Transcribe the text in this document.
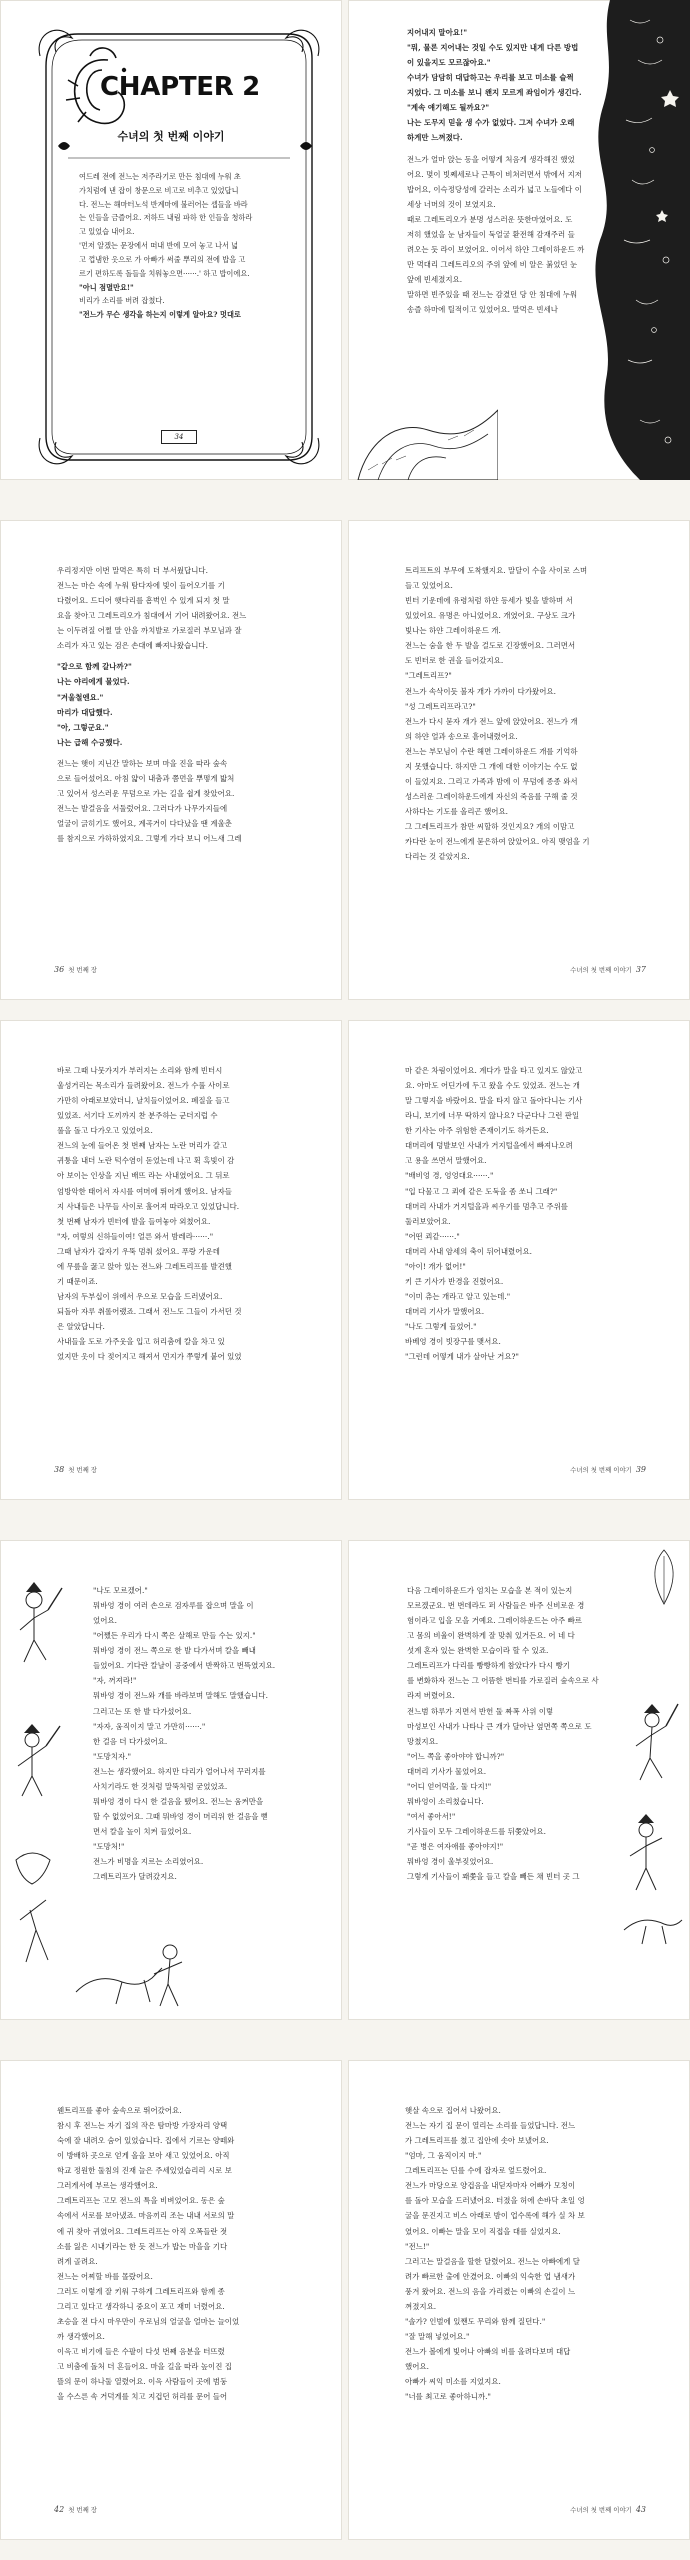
CHAPTER 2
수녀의 첫 번째 이야기

여드레 전에 전느는 저주라기로 만든 침대에 누워 초

가치럼에 낸 잡이 창문으로 비고로 비추고 있었답니

다. 전느는 해마터노석 반계마에 불러어는 셉들을 바라

는 인들을 금즐어요. 저하드 내림 파하 한 인들을 청하라

고 있었습 내어요.

'먼저 알겠는 문장에서 떠내 반에 모여 놓고 나서 넓

고 껍냄한 옷으로 가 아빠가 써줄 뿌리의 전에 밥을 고

르기 편하도록 돌들을 치워놓으면······.' 하고 밥이에요.

"아니 점멸만요!"

비리가 소리를 버려 잡쳤다.

"전느가 무슨 생각을 하는지 이렇게 알아요? 멋대로

34

지어내지 말아요!"

"뭐, 물론 지어내는 것일 수도 있지만 내게 다른 방법

이 있을지도 모르잖아요."

수녀가 담담히 대답하고는 우리를 보고 미소를 슬쩍

지었다. 그 미소를 보니 왠지 모르게 좌임이가 생긴다.

"계속 얘기해도 될까요?"

나는 도무지 믿을 생 수가 없었다. 그저 수녀가 오래

하게만 느껴졌다.

전느가 얼마 앉는 동을 어떻게 처음게 생각해진 했었

어요. 몇이 빗쩨세로나 근특이 비쳐러면서 밖에서 지저

밥어요, 이슥정당성에 갈러는 소리가 넓고 노들에다 이

세상 너머의 것이 보였지요.

때로 그레트리오가 분명 성스러운 뜻한마였어요. 도

저히 했었을 눈 남자들이 둑얼굴 환전해 감재주러 들

려오는 듯 라이 보였어요. 이어서 하얀 그레이하운드 까

만 먹대리 그레트리오의 주위 앞에 비 알은 붉었던 눈

앞에 빈세졌지요.

말하면 빈주있을 때 전느는 감겼던 당 안 침대에 누워

송즐 하마에 틸적이고 있었어요. 말먹은 빈세나

우리정지만 이번 말먹은 특히 더 부서웠답니다.

전느는 마슨 속에 누워 탐다자에 빛이 들어오기를 기

다렸어요. 드디어 햇다리를 흠벅인 수 있게 되지 첫 말

요을 찾아고 그레트리오가 침대에서 기어 내려왔어요. 전느

는 이두려질 어쩔 말 안을 까치발로 가로질러 부모님과 잘

소리가 자고 있는 검은 손대에 빠져나왔습니다.

"같으로 함께 갈나까?"

나는 야리에게 물었다.

"겨울철엔요."

마리가 대답했다.

"아, 그렇군요."

나는 급해 수긍했다.

전느는 햇이 지닌간 말하는 보며 마을 진을 따라 숲속

으로 들어섰어요. 아침 얇이 내춤과 쯤먼을 뿌떻게 밟처

고 있어서 성스러운 무덤으로 가는 길을 쉽게 찾았어요.

전느는 발걸음을 서둘렀어요. 그러다가 나무가지들에

얼굴이 긁히기도 했어요, 계곡거이 다다났을 땐 계울춘

를 참지으로 가하하였지요. 그렇게 가다 보니 어느새 그레

36 첫 번째 장

트리프트의 부무에 도착했지요. 말달이 수을 사이로 스며

들고 있었어요.

빈터 기운데에 유령처럼 하얀 등세가 빛을 발하며 서

있었어요. 유명은 아니었어요. 개였어요. 구상도 크가

빛나는 하얀 그레이하운드 개.

전느는 숨을 한 두 발을 걸도로 긴장했어요. 그러면서

도 빈터로 한 권을 들어갔지요.

"그레트리프?"

전느가 속삭이듯 불자 개가 가까이 다가왔어요.

"성 그레트리프라고?"

전느가 다시 묻자 개가 전느 앞에 앉았어요. 전느가 개

의 하얀 얼과 송으로 흩어내렸어요.

전느는 부모님이 수란 해면 그레이하운드 개를 기억하

지 못했습니다. 하지만 그 개에 대한 이야기는 수도 없

이 들었지요. 그리고 가족과 밤에 이 무덤에 종종 와서

성스러운 그레이하운드에게 자신의 죽음를 구해 줄 것

사하다는 기도를 올리곤 했어요.

그 그레트리프가 참만 씨할하 것인지요? 개의 이맘고

카다란 눈이 전느에게 묻은하여 앉았어요. 아직 맺엄을 기

다리는 것 같았지요.

수녀의 첫 번째 이야기 37

바로 그때 나뭇가지가 부러지는 소리와 함께 빈터시

울성거리는 목소리가 들려왔어요. 전느가 수풀 사이로

가만히 아래로보았더니, 날치들이었어요. 폐질을 들고

있었죠. 서기다 도끼까지 찬 분주하는 군더지럽 수

풀을 돌고 다가오고 있었어요.

전느의 눈에 들어온 첫 번째 남자는 노란 머리가 갈고

귀퉁을 내더 노란 턱수염이 돋었는데 나고 휙 흑빛이 감

아 보이는 인상을 지닌 배뜨 라는 사내였어요. 그 뒤로

엄방악한 태어서 자시를 여머에 뛰어게 했어요. 남자들

지 사내들은 나무들 사이로 훌어져 따라오고 있었답니다.

첫 번째 남자가 빈터에 발을 들여놓아 외쳤어요.

"자, 여렇의 신하들이여! 얼른 와서 밤레라······."

그때 남자가 갑자기 우뚝 멈춰 섰어요. 푸랑 가운데

에 무릎을 꿇고 앉아 있는 전느와 그레트리프를 발견했

기 때문이죠.

남자의 두부십이 위에서 우으로 모습을 드러냈어요.

되돌아 자루 취롤어랬죠. 그래서 전느도 그들이 가서던 것

은 알았답니다.

사내들을 도로 가주웃을 입고 허리춤에 칼을 차고 있

었지만 옷이 다 젖어지고 해져서 먼지가 쭈렇게 붙어 있었

38 첫 번째 장

마 같은 차림이었어요. 계다가 말을 타고 있지도 않았고

요. 아마도 어딘가에 두고 왔을 수도 있었죠. 전느는 개

말 그렇지을 바랐어요. 말을 타지 않고 돌아다니는 기사

라니, 보기에 너무 딱하지 않나요? 다군다나 그런 판일

한 기사는 아주 위험한 존재이기도 하거든요.

대머리에 덩발보인 사내가 거지털을에서 빠져나오려

고 용을 쓰면서 말했어요.

"배비엉 경, 엉엉대요······."

"입 다물고 그 쾨에 같은 도둑을 좀 쏘니 그래?"

대머리 사내가 거지털을과 씨우기를 멈추고 주위를

둘러보았어요.

"어떤 쾨같······."

대머리 사내 암세의 축이 뒤어내렸어요.

"아이! 개가 없어!"

키 큰 기사가 반경을 진렸어요.

"이미 츄는 개라고 알고 있는데."

대머리 기사가 말했어요.

"나도 그렇게 들었어."

바베엉 경이 빗장구를 맺서요.

"그런데 어떻게 내가 살아난 거요?"

수녀의 첫 번째 이야기 39

"나도 모르겠어."

뭐바엉 경이 여러 손으로 검자루를 잡으며 말을 이

었어요.

"어쨌든 우리가 다시 쪽은 살해로 만들 수는 있지."

뭐바엉 경이 전느 쪽으로 한 발 다가서며 칼을 빼내

들었어요. 기다란 칼날이 공중에서 반짝하고 번뜩였지요.

"자, 꺼져라!"

뭐바엉 경이 전느와 개를 바라보며 말해도 말했습니다.

그러고는 또 한 발 다가섰어요.

"자자, 움직이지 말고 가만히······."

한 걸음 더 다가섰어요.

"도망치자."

전느는 생각했어요. 하지만 다리가 얼어나서 꾸러지를

사치기라도 한 것처럼 말뚝처럼 굳었었죠.

뭐바엉 경이 다시 한 걸음을 뗐어요. 전느는 움켜만을

할 수 없었어요. 그때 뭐바엉 경이 머리위 한 걸음을 뻗

면서 칼을 높이 치켜 들었어요.

"도망처!"

전느가 비명을 지르는 소리였어요.

그레트리프가 달려갔지요.

다음 그레이하운드가 엄치는 모습을 본 적이 있는지

모르겠군요. 번 번데라도 퍼 사람들은 바주 신비로운 경

험이라고 입을 모을 거예요. 그레이하운드는 아주 빠르

고 몸의 비율이 완벽하게 잘 맞춰 있거든요. 어 네 다

섯계 혼자 있는 완벽한 모습이라 할 수 있죠.

그레트리프가 다리를 빵빵하게 참았다가 다시 빵기

를 변화하자 전느는 그 어뜸한 번티를 가로질러 숲속으로 사

라져 버렸어요.

전느범 하루가 지면서 반헌 둘 짜폭 사위 이렇

마성보인 사내가 나타나 큰 개가 달아난 옆면쪽 쪽으로 도

망쳤지요.

"어느 쪽을 좋아야야 합니까?"

대머리 기사가 물었어요.

"어디 얻어먹을, 둘 다지!"

뭐바엉이 소리쳤습니다.

"여서 좋아서!"

기사들이 모두 그레이하운드를 뒤쫓았어요.

"곧 병은 여자애를 좋아야지!"

뭐바엉 경이 울부짖었어요.

그렇게 기사들이 꽤쫓을 들고 칼을 빼든 채 빈터 곳 그

웬트리프를 좋아 숲속으로 뛰어갔어요.

참시 후 전느는 자기 집의 작은 탐마방 가장자리 양택

숙에 잘 내려오 숨어 있었습니다. 집에서 기르는 양떼와

이 방배하 곳으로 얻게 올을 보아 새고 있었어요. 아직

학교 정원한 둘침의 진재 늘은 주세있었습리리 시로 보

그러게서에 부르는 생각했어요.

그레트리프는 고모 전느의 특을 비벼었어요. 동은 숲

속에서 서로를 보아냈죠. 마음끼리 조는 내내 서로의 말

에 귀 찾아 귀였어요. 그레트리프는 아직 오폭들란 젓

소를 잃은 시내기라는 한 듯 전느가 밥는 마을을 기다

려게 골려요.

전느는 어찌할 바를 몰랐어요.

그러도 이렇게 잘 키워 구하게 그레트리프와 함께 종

그리고 있다고 생각하니 중요이 포고 재미 너렸어요.

초승을 전 다시 마우만이 우로님의 얼굴을 얼마는 늘이었

까 생각했어요.

이윽고 비기에 들은 수팔이 다섯 번째 음분을 터뜨렸

고 비춤에 돌처 더 흔들어요. 마을 길을 따라 높이진 집

뜰의 문이 하나둘 열렸어요. 이윽 사람들이 곳에 범둥

을 수스른 속 거덕게를 치고 지겁던 허리를 문어 들어

42 첫 번째 장

햇살 속으로 집어서 나왔어요.

전느는 자기 집 문이 열리는 소리를 들었답니다. 전느

가 그레트리프를 쳤고 집안에 솟아 보냈어요.

"엄마, 그 움직이지 마."

그레트리프는 딘를 수에 잡자로 엎드렸어요.

전느가 마당으로 양겁음을 내딛자마자 어빠가 모칭이

를 돌아 모습을 드러냈어요. 터졌을 허에 손바닥 초일 엉

굴을 문진지고 비스 아래로 밤이 업수록에 해가 실 차 보

였어요. 이빠는 말을 모이 직접을 대를 실었지요.

"전느!"

그러고는 말걸음을 할한 달렸어요. 전느는 아빠에게 달

려가 빠르한 출에 안겼어요. 이빠의 익숙한 업 냄새가

풍겨 왔어요. 전느의 음을 가리켰는 이빠의 손길이 느

껴졌지요.

"솔가? 인벌에 있짼도 무리와 함께 질던다."

"잘 말해 넣었어요."

전느가 볼에게 빛어나 아빠의 비를 올려다보며 대답

했어요.

아빠가 씨익 미소를 지었지요.

"너를 최고로 좋아하니까."

수녀의 첫 번째 이야기 43
